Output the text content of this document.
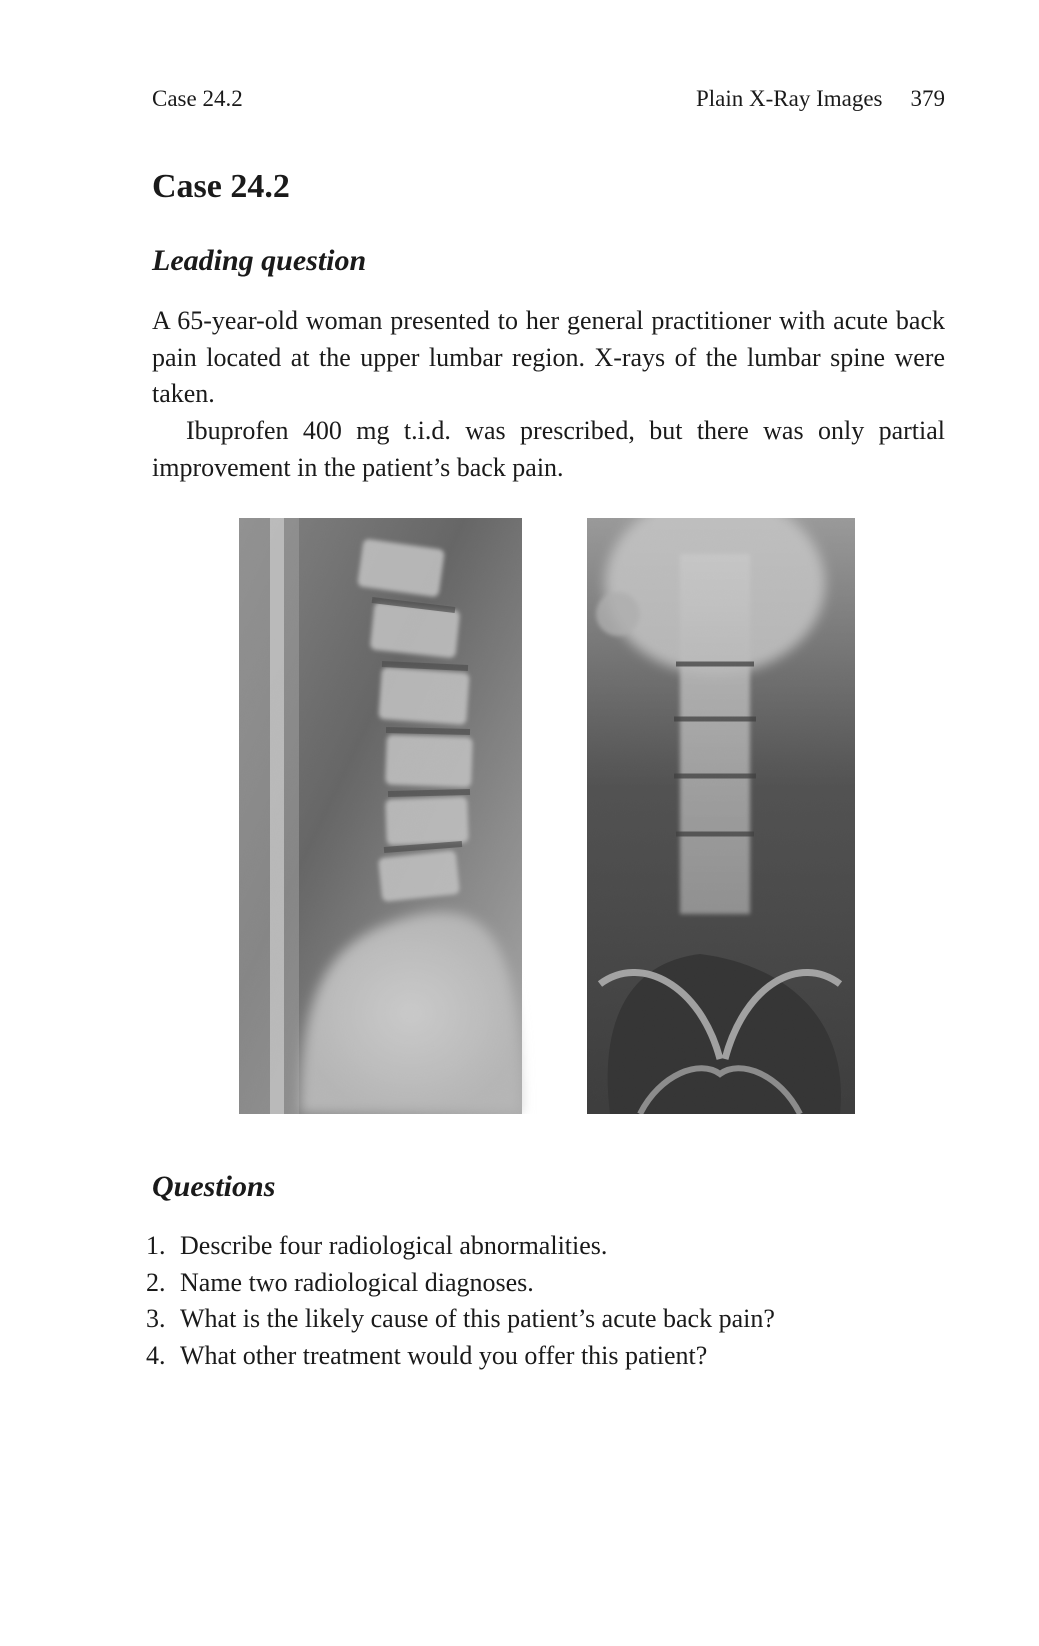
Case 24.2	Plain X-Ray Images 379
Case 24.2
Leading question

A 65-year-old woman presented to her general practitioner with acute back pain located at the upper lumbar region. X-rays of the lumbar spine were taken.

Ibuprofen 400 mg t.i.d. was prescribed, but there was only partial improvement in the patient’s back pain.

Questions
1. Describe four radiological abnormalities.
2. Name two radiological diagnoses.
3. What is the likely cause of this patient’s acute back pain?
4. What other treatment would you offer this patient?
